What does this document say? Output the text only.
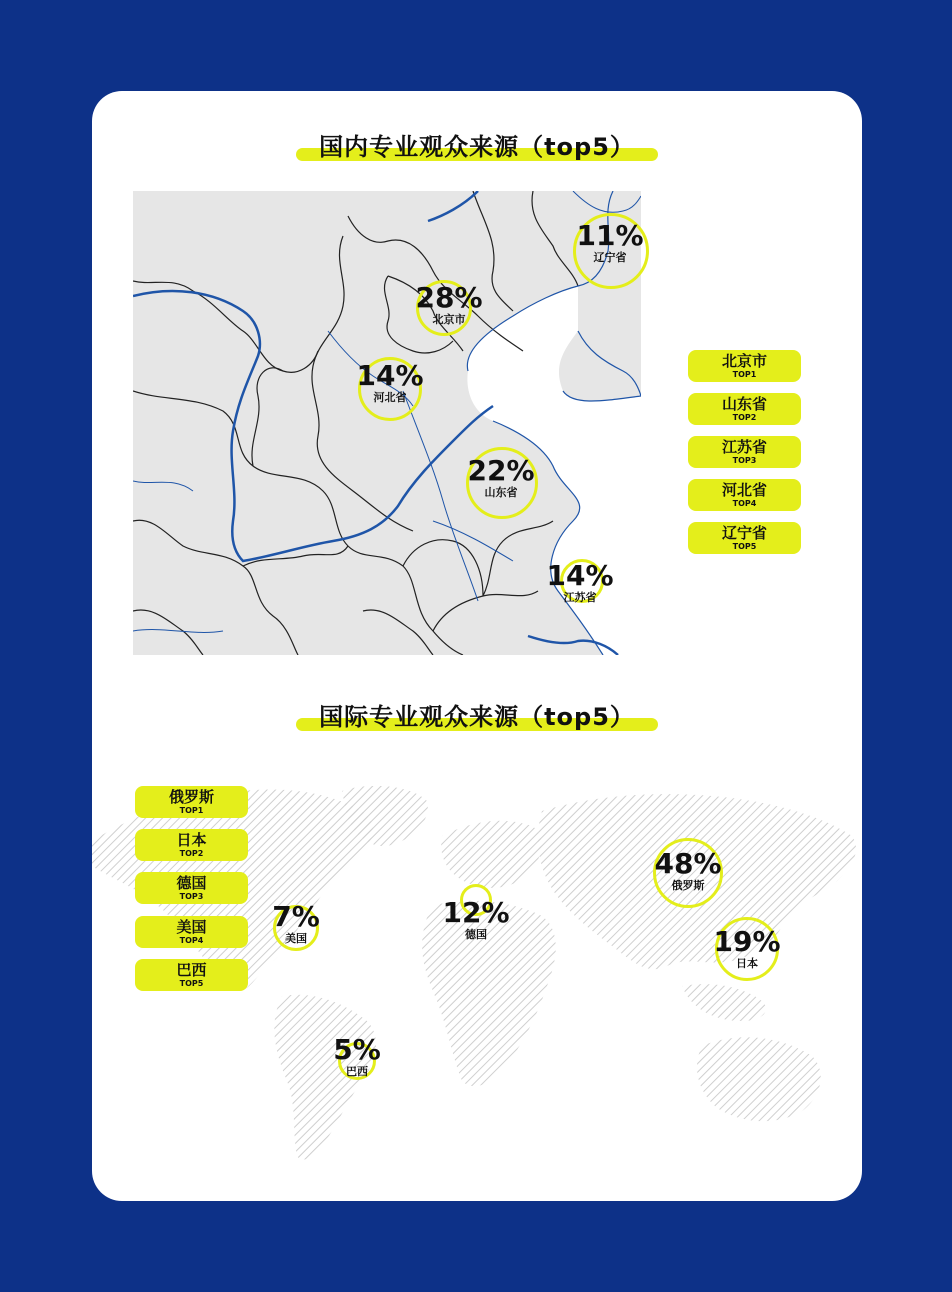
国内专业观众来源（top5）
28%
北京市
14%
河北省
11%
辽宁省
22%
山东省
14%
江苏省
北京市
TOP1
山东省
TOP2
江苏省
TOP3
河北省
TOP4
辽宁省
TOP5
国际专业观众来源（top5）
俄罗斯
TOP1
日本
TOP2
德国
TOP3
美国
TOP4
巴西
TOP5
7%
美国
12%
德国
48%
俄罗斯
19%
日本
5%
巴西
